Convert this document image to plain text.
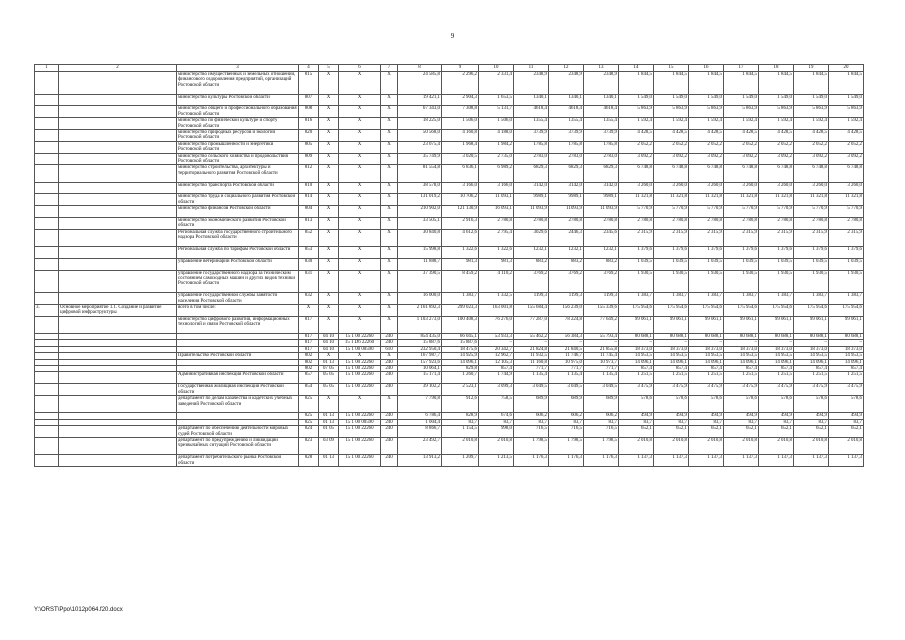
9
1	2	3	4	5	6	7	8	9	10	11	12	13	14	15	16	17	18	19	20
		министерство имущественных и земельных отношений, финансового оздоровления предприятий, организаций Ростовской области	815	Х	Х	Х	24 585,8	2 296,2	2 331,4	2348,9	2348,9	2348,9	1 844,5	1 844,5	1 844,5	1 844,5	1 844,5	1 844,5	1 844,5
		министерство культуры Ростовской области	807	Х	Х	Х	19 421,1	2 904,3	1 653,5	1340,1	1340,1	1340,1	1 549,0	1 549,0	1 549,0	1 549,0	1 549,0	1 549,0	1 549,0
		министерство общего и профессионального образования Ростовской области	808	Х	Х	Х	67 343,0	7 308,8	5 131,7	4618,4	4618,4	4618,4	5 863,9	5 863,9	5 863,9	5 863,9	5 863,9	5 863,9	5 863,9
		министерство по физической культуре и спорту Ростовской области	816	Х	Х	Х	18 225,0	1 506,0	1 506,0	1355,4	1355,4	1355,4	1 592,4	1 592,4	1 592,4	1 592,4	1 592,4	1 592,4	1 592,4
		министерство природных ресурсов и экологии Ростовской области	820	Х	Х	Х	50 568,0	4 160,8	4 188,0	3739,9	3739,9	3739,9	4 428,5	4 428,5	4 428,5	4 428,5	4 428,5	4 428,5	4 428,5
		министерство промышленности и энергетики Ростовской области	805	Х	Х	Х	23 075,4	1 968,4	1 984,2	1785,8	1785,8	1785,8	2 052,2	2 052,2	2 052,2	2 052,2	2 052,2	2 052,2	2 052,2
		министерство сельского хозяйства и продовольствия Ростовской области	809	Х	Х	Х	35 749,9	3 020,5	2 735,0	2783,0	2783,0	2783,0	3 092,2	3 092,2	3 092,2	3 092,2	3 092,2	3 092,2	3 092,2
		министерство строительства, архитектуры и территориального развития Ростовской области	812	Х	Х	Х	81 554,8	6 836,1	6 989,2	6829,3	6829,3	6829,3	6 748,8	6 748,8	6 748,8	6 748,8	6 748,8	6 748,8	6 748,8
		министерство транспорта Ростовской области	810	Х	Х	Х	38 578,0	3 166,0	3 166,0	3142,0	3142,0	3142,0	3 260,0	3 260,0	3 260,0	3 260,0	3 260,0	3 260,0	3 260,0
		министерство труда и социального развития Ростовской области	814	Х	Х	Х	131 019,2	10 706,2	11 093,1	9989,1	9989,1	9989,1	11 321,8	11 321,8	11 321,8	11 321,8	11 321,8	11 321,8	11 321,8
		министерство финансов Ростовской области	804	Х	Х	Х	210 902,0	121 130,9	16 093,1	11 093,9	11093,9	11 093,9	5 770,9	5 770,9	5 770,9	5 770,9	5 770,9	5 770,9	5 770,9
		министерство экономического развития Ростовской области	813	Х	Х	Х	33 505,1	2 916,3	2 780,8	2780,8	2780,8	2780,8	2 780,8	2 780,8	2 780,8	2 780,8	2 780,8	2 780,8	2 780,8
		Региональная служба государственного строительного надзора Ростовской области	852	Х	Х	Х	30 840,8	4 612,6	2 795,4	3029,6	2446,3	2345,6	2 315,9	2 315,9	2 315,9	2 315,9	2 315,9	2 315,9	2 315,9
		Региональная служба по тарифам Ростовской области	853	Х	Х	Х	15 998,8	1 322,6	1 322,6	1232,1	1232,1	1232,1	1 379,6	1 379,6	1 379,6	1 379,6	1 379,6	1 379,6	1 379,6
		управление ветеринарии Ростовской области	830	Х	Х	Х	11 888,7	981,3	981,3	883,2	883,2	883,2	1 039,5	1 039,5	1 039,5	1 039,5	1 039,5	1 039,5	1 039,5
		управление государственного надзора за техническим состоянием самоходных машин и других видов техники Ростовской области	831	Х	Х	Х	37 390,5	8 459,2	4 110,2	3769,2	3769,2	3769,2	1 930,5	1 930,5	1 930,5	1 930,5	1 930,5	1 930,5	1 930,5
		управление государственной службы занятости населения Ростовской области	832	Х	Х	Х	16 000,0	1 383,7	1 332,5	1199,3	1199,3	1199,3	1 383,7	1 383,7	1 383,7	1 383,7	1 383,7	1 383,7	1 383,7
3.	Основное мероприятие 1.1. Создание и развитие цифровой инфраструктуры	всего в том числе:	Х	Х	Х	Х	2 161 892,3	299 023,3	163 001,8	155 684,4	156 239,0	155 339,6	175 954,6	175 954,6	175 954,6	175 954,6	175 954,6	175 954,6	175 954,6
		министерство цифрового развития, информационных технологий и связи Ростовской области	817	Х	Х	Х	1 103 273,0	100 408,3	76 276,0	77 287,0	78 224,8	77 649,2	99 061,1	99 061,1	99 061,1	99 061,1	99 061,1	99 061,1	99 061,1
			817	04 10	15 1 00 22260	240	854 435,0	66 045,1	53 933,3	55 462,2	56 384,3	55 793,4	80 688,1	80 688,1	80 688,1	80 688,1	80 688,1	80 688,1	80 688,1
			817	04 10	15 1 D6 22260	240	15 887,6	15 887,6	–	–	–	–	–	–	–	–	–	–	–
			817	04 10	15 1 00 00590	610	232 950,4	18 475,6	20 342,7	21 824,8	21 840,5	21 855,8	18 373,0	18 373,0	18 373,0	18 373,0	18 373,0	18 373,0	18 373,0
		Правительство Ростовской области	802	Х	Х	Х	167 987,7	14 925,9	12 962,7	11 932,5	11 746,7	11 745,4	14 953,5	14 953,5	14 953,5	14 953,5	14 953,5	14 953,5	14 953,5
			802	01 13	15 1 00 22260	240	157 923,6	14 096,1	12 105,3	11 160,8	10 975,0	10 973,7	14 096,1	14 096,1	14 096,1	14 096,1	14 096,1	14 096,1	14 096,1
			802	07 05	15 1 00 22260	240	10 064,1	829,8	857,4	771,7	771,7	771,7	857,4	857,4	857,4	857,4	857,4	857,4	857,4
		Административная инспекция Ростовской области	857	05 05	15 1 00 22260	240	15 171,4	1 260,7	1 744,9	1 135,4	1 135,4	1 135,4	1 251,5	1 251,5	1 251,5	1 251,5	1 251,5	1 251,5	1 251,5
		Государственная жилищная инспекция Ростовской области	854	05 05	15 1 00 22260	240	39 102,2	2 523,1	3 099,3	3 049,5	3 049,5	3 049,5	3 475,9	3 475,9	3 475,9	3 475,9	3 475,9	3 475,9	3 475,9
		департамент по делам казачества и кадетских учебных заведений Ростовской области	825	Х	Х	Х	7 790,8	912,6	758,5	689,9	689,9	689,9	578,6	578,6	578,6	578,6	578,6	578,6	578,6
			825	01 13	15 1 00 22260	240	6 786,4	828,9	674,6	606,2	606,2	606,2	494,9	494,9	494,9	494,9	494,9	494,9	494,9
			825	01 13	15 1 00 00590	240	1 004,4	83,7	83,7	83,7	83,7	83,7	83,7	83,7	83,7	83,7	83,7	83,7	83,7
		департамент по обеспечению деятельности мировых судей Ростовской области	824	01 05	15 1 00 22260	240	8 866,7	1 154,5	998,0	716,5	716,5	716,5	652,1	652,1	652,1	652,1	652,1	652,1	652,1
		департамент по предупреждению и ликвидации чрезвычайных ситуаций Ростовской области	823	03 09	15 1 00 22260	240	23 492,7	2 010,8	2 010,8	1 798,5	1 798,5	1 798,5	2 010,8	2 010,8	2 010,8	2 010,8	2 010,8	2 010,8	2 010,8
		департамент потребительского рынка Ростовской области	828	01 13	15 1 00 22260	240	13 913,2	1 209,7	1 213,5	1 176,3	1 176,3	1 176,3	1 137,3	1 137,3	1 137,3	1 137,3	1 137,3	1 137,3	1 137,3
Y:\ORST\Ppo\1012p064.f20.docx
